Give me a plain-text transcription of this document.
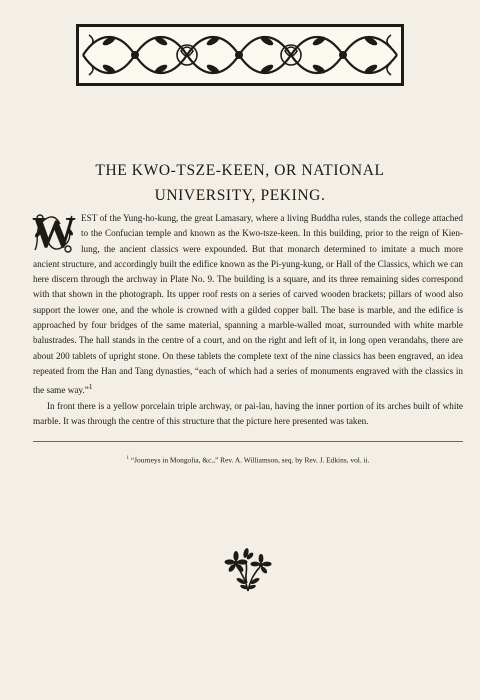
THE KWO-TSZE-KEEN, OR NATIONAL
UNIVERSITY, PEKING.

W EST of the Yung-ho-kung, the great Lamasary, where a living Buddha rules, stands the college attached to the Confucian temple and known as the Kwo-tsze-keen. In this building, prior to the reign of Kien-lung, the ancient classics were expounded. But that monarch determined to imitate a much more ancient structure, and accordingly built the edifice known as the Pi-yung-kung, or Hall of the Classics, which we can here discern through the archway in Plate No. 9. The building is a square, and its three remaining sides correspond with that shown in the photograph. Its upper roof rests on a series of carved wooden brackets; pillars of wood also support the lower one, and the whole is crowned with a gilded copper ball. The base is marble, and the edifice is approached by four bridges of the same material, spanning a marble-walled moat, surrounded with white marble balustrades. The hall stands in the centre of a court, and on the right and left of it, in long open verandahs, there are about 200 tablets of upright stone. On these tablets the complete text of the nine classics has been engraved, an idea repeated from the Han and Tang dynasties, “each of which had a series of monuments engraved with the classics in the same way.”$^1$

In front there is a yellow porcelain triple archway, or pai-lau, having the inner portion of its arches built of white marble. It was through the centre of this structure that the picture here presented was taken.

$^1$ “Journeys in Mongolia, &c.,” Rev. A. Williamson, seq. by Rev. J. Edkins, vol. ii.
